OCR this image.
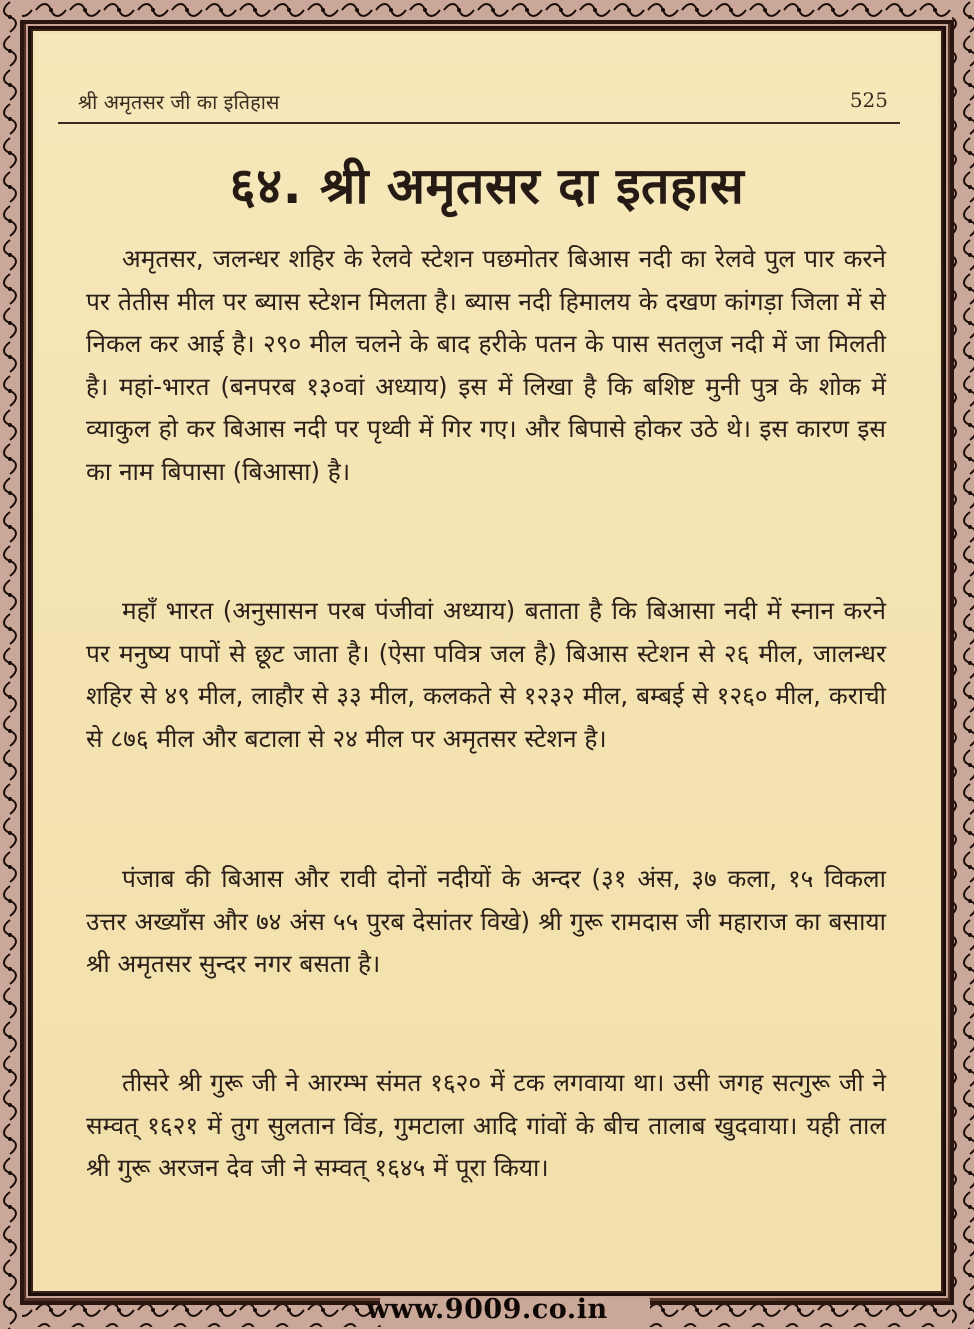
श्री अमृतसर जी का इतिहास	525
६४. श्री अमृतसर दा इतहास
अमृतसर, जलन्धर शहिर के रेलवे स्टेशन पछमोतर बिआस नदी का रेलवे पुल पार करने पर तेतीस मील पर ब्यास स्टेशन मिलता है। ब्यास नदी हिमालय के दखण कांगड़ा जिला में से निकल कर आई है। २९० मील चलने के बाद हरीके पतन के पास सतलुज नदी में जा मिलती है। महां-भारत (बनपरब १३०वां अध्याय) इस में लिखा है कि बशिष्ट मुनी पुत्र के शोक में व्याकुल हो कर बिआस नदी पर पृथ्वी में गिर गए। और बिपासे होकर उठे थे। इस कारण इस का नाम बिपासा (बिआसा) है।
महाँ भारत (अनुसासन परब पंजीवां अध्याय) बताता है कि बिआसा नदी में स्नान करने पर मनुष्य पापों से छूट जाता है। (ऐसा पवित्र जल है) बिआस स्टेशन से २६ मील, जालन्धर शहिर से ४९ मील, लाहौर से ३३ मील, कलकते से १२३२ मील, बम्बई से १२६० मील, कराची से ८७६ मील और बटाला से २४ मील पर अमृतसर स्टेशन है।
पंजाब की बिआस और रावी दोनों नदीयों के अन्दर (३१ अंस, ३७ कला, १५ विकला उत्तर अख्याँस और ७४ अंस ५५ पुरब देसांतर विखे) श्री गुरू रामदास जी महाराज का बसाया श्री अमृतसर सुन्दर नगर बसता है।
तीसरे श्री गुरू जी ने आरम्भ संमत १६२० में टक लगवाया था। उसी जगह सत्गुरू जी ने सम्वत् १६२१ में तुग सुलतान विंड, गुमटाला आदि गांवों के बीच तालाब खुदवाया। यही ताल श्री गुरू अरजन देव जी ने सम्वत् १६४५ में पूरा किया।
www.9009.co.in
